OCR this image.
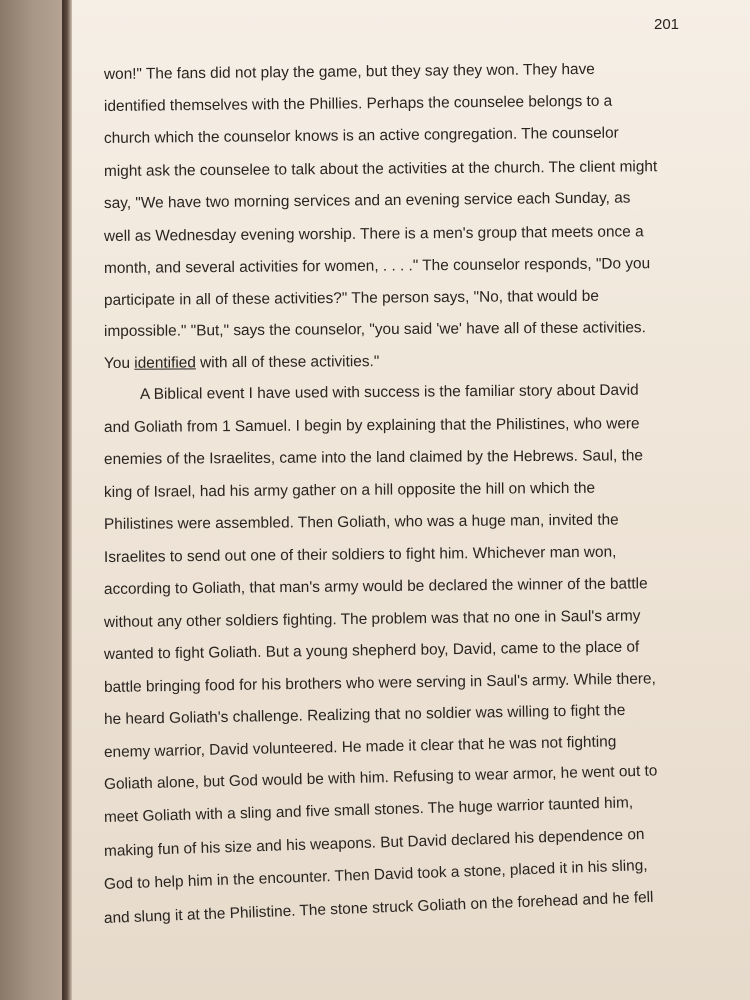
201
won!" The fans did not play the game, but they say they won. They have
identified themselves with the Phillies. Perhaps the counselee belongs to a
church which the counselor knows is an active congregation. The counselor
might ask the counselee to talk about the activities at the church. The client might
say, "We have two morning services and an evening service each Sunday, as
well as Wednesday evening worship. There is a men's group that meets once a
month, and several activities for women, . . . ." The counselor responds, "Do you
participate in all of these activities?" The person says, "No, that would be
impossible." "But," says the counselor, "you said 'we' have all of these activities.
You identified with all of these activities."
A Biblical event I have used with success is the familiar story about David
and Goliath from 1 Samuel. I begin by explaining that the Philistines, who were
enemies of the Israelites, came into the land claimed by the Hebrews. Saul, the
king of Israel, had his army gather on a hill opposite the hill on which the
Philistines were assembled. Then Goliath, who was a huge man, invited the
Israelites to send out one of their soldiers to fight him. Whichever man won,
according to Goliath, that man's army would be declared the winner of the battle
without any other soldiers fighting. The problem was that no one in Saul's army
wanted to fight Goliath. But a young shepherd boy, David, came to the place of
battle bringing food for his brothers who were serving in Saul's army. While there,
he heard Goliath's challenge. Realizing that no soldier was willing to fight the
enemy warrior, David volunteered. He made it clear that he was not fighting
Goliath alone, but God would be with him. Refusing to wear armor, he went out to
meet Goliath with a sling and five small stones. The huge warrior taunted him,
making fun of his size and his weapons. But David declared his dependence on
God to help him in the encounter. Then David took a stone, placed it in his sling,
and slung it at the Philistine. The stone struck Goliath on the forehead and he fell
